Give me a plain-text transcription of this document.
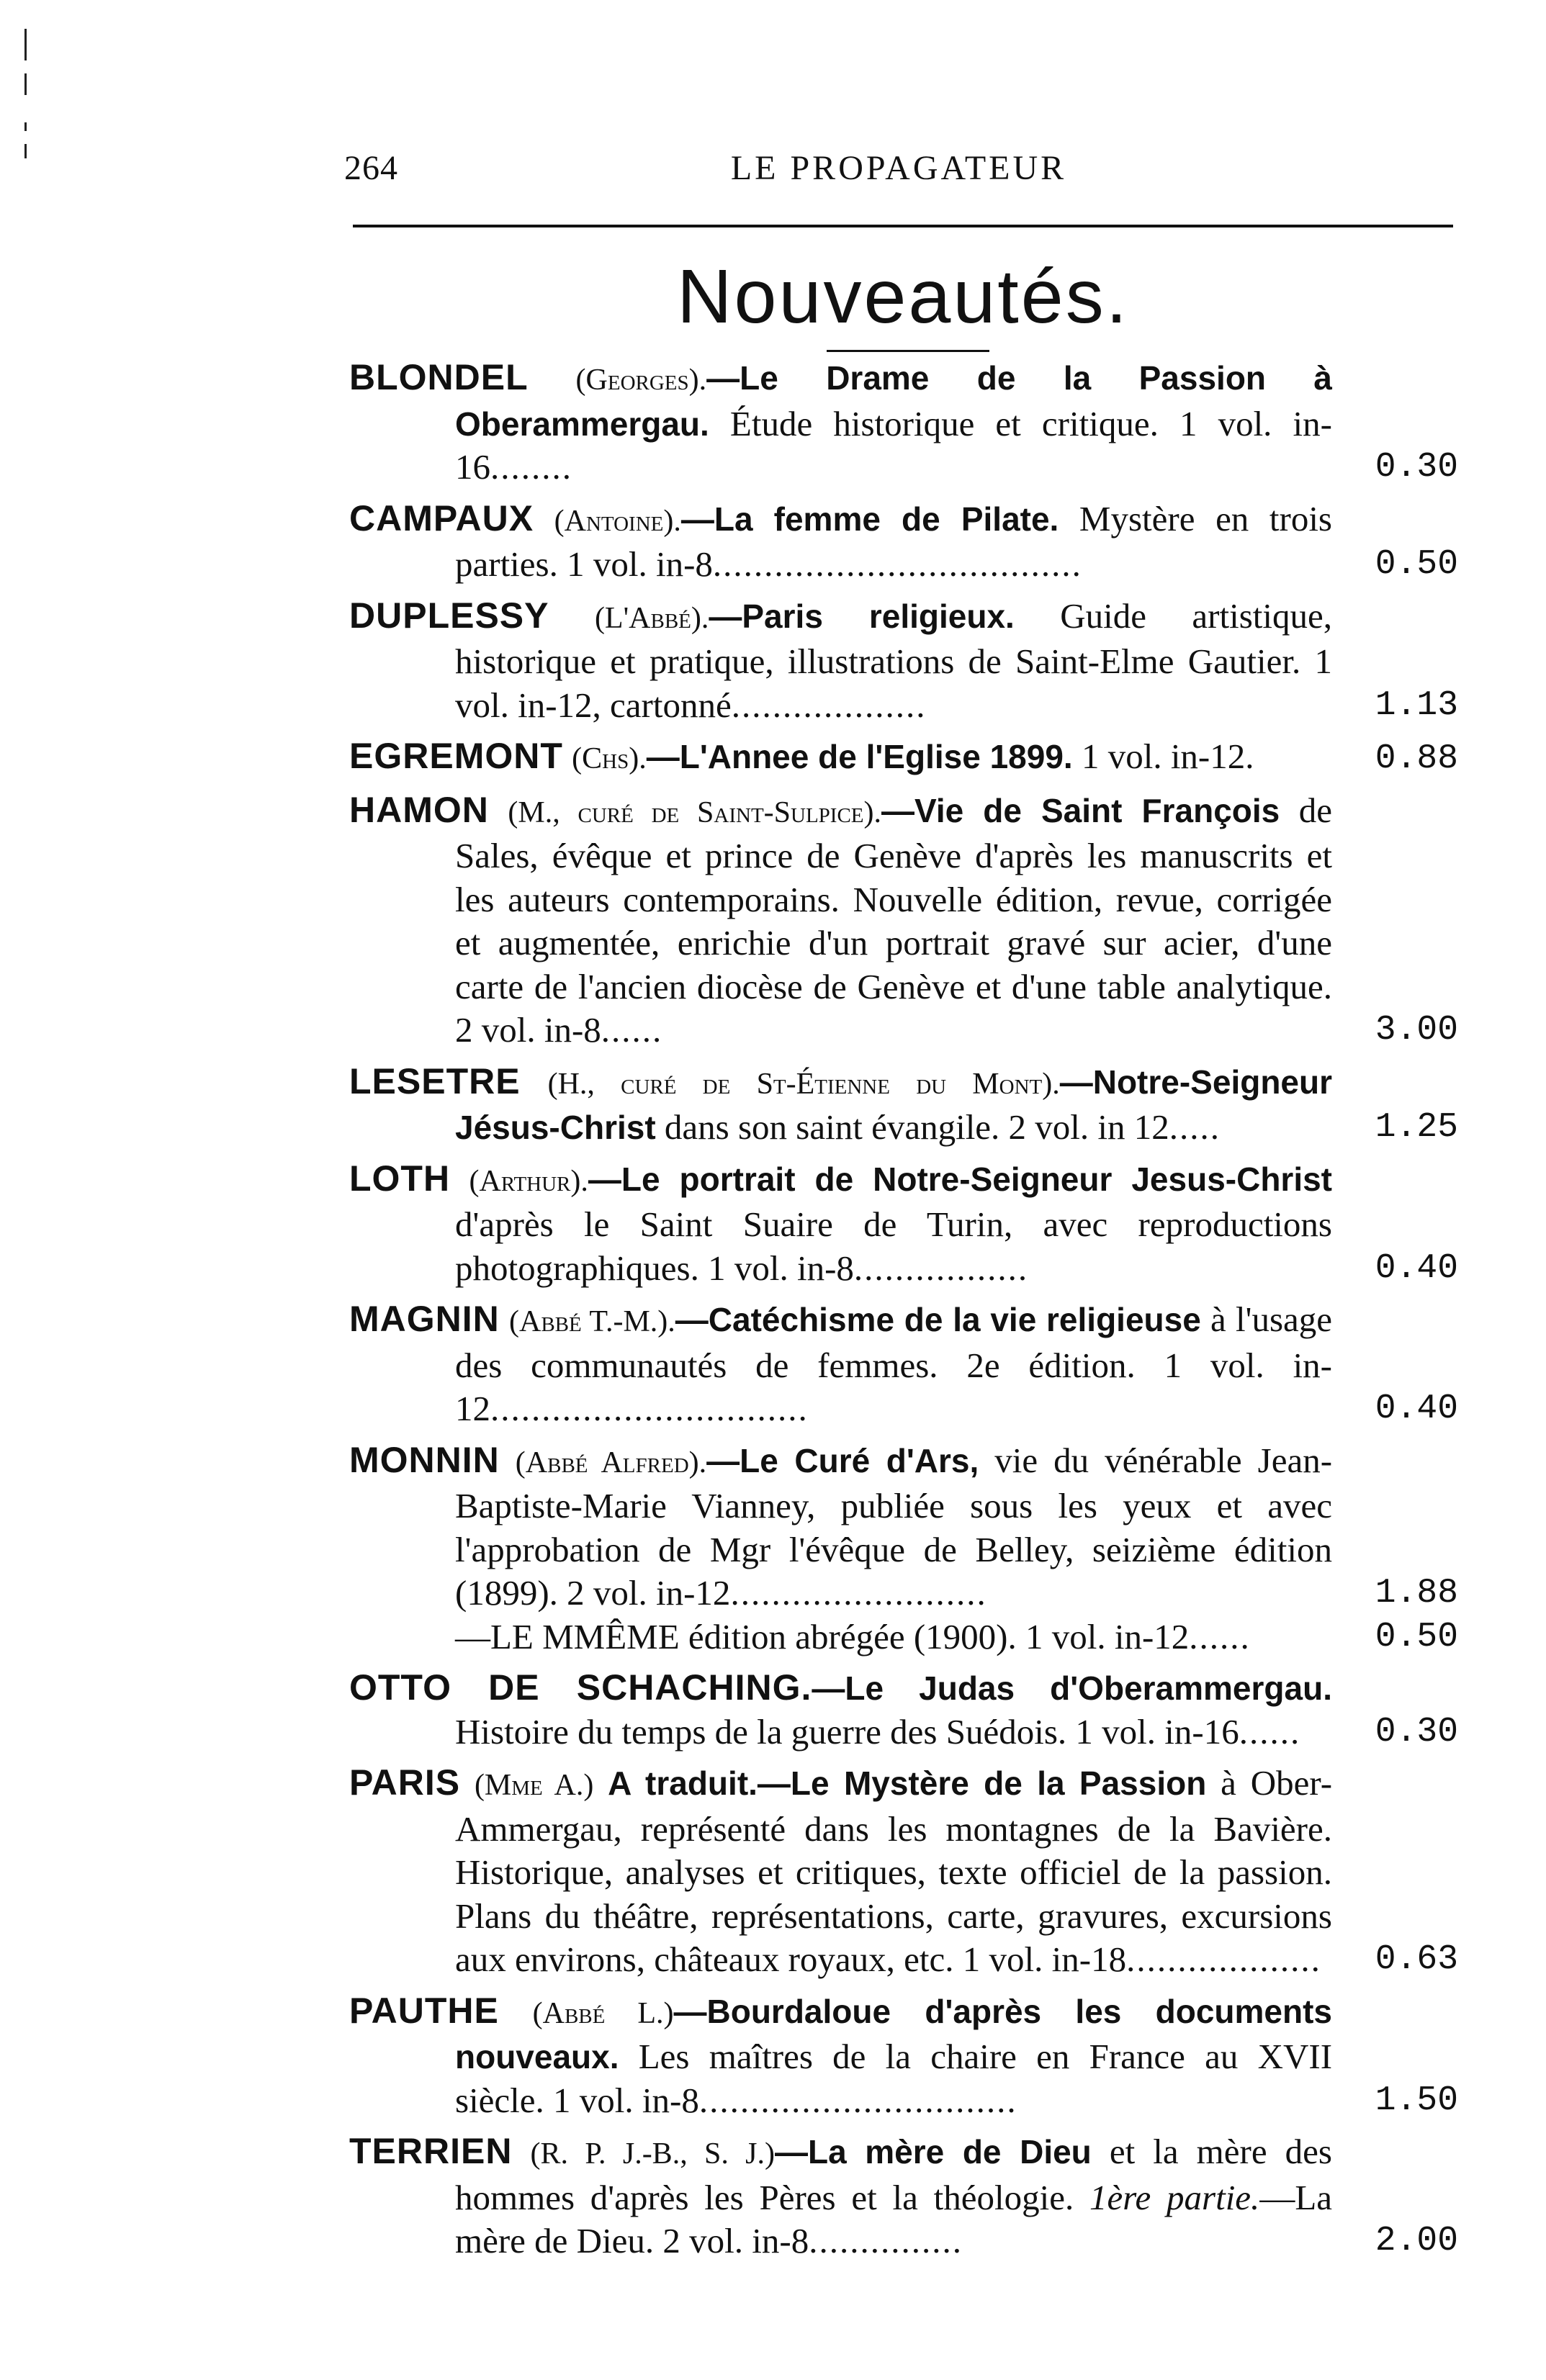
264	LE PROPAGATEUR
Nouveautés.
BLONDEL (Georges).—Le Drame de la Passion à Oberammergau. Étude historique et critique. 1 vol. in-16........	0.30
CAMPAUX (Antoine).—La femme de Pilate. Mystère en trois parties. 1 vol. in-8....................................	0.50
DUPLESSY (L'Abbé).—Paris religieux. Guide artistique, historique et pratique, illustrations de Saint-Elme Gautier. 1 vol. in-12, cartonné...................	1.13
EGREMONT (Chs).—L'Annee de l'Eglise 1899. 1 vol. in-12.	0.88
HAMON (M., curé de Saint-Sulpice).—Vie de Saint François de Sales, évêque et prince de Genève d'après les manuscrits et les auteurs contemporains. Nouvelle édition, revue, corrigée et augmentée, enrichie d'un portrait gravé sur acier, d'une carte de l'ancien diocèse de Genève et d'une table analytique. 2 vol. in-8......	3.00
LESETRE (H., curé de St-Étienne du Mont).—Notre-Seigneur Jésus-Christ dans son saint évangile. 2 vol. in 12.....	1.25
LOTH (Arthur).—Le portrait de Notre-Seigneur Jesus-Christ d'après le Saint Suaire de Turin, avec reproductions photographiques. 1 vol. in-8.................	0.40
MAGNIN (Abbé T.-M.).—Catéchisme de la vie religieuse à l'usage des communautés de femmes. 2e édition. 1 vol. in-12...............................	0.40
MONNIN (Abbé Alfred).—Le Curé d'Ars, vie du vénérable Jean-Baptiste-Marie Vianney, publiée sous les yeux et avec l'approbation de Mgr l'évêque de Belley, seizième édition (1899). 2 vol. in-12.........................	1.88
—LE MMÊME édition abrégée (1900). 1 vol. in-12......	0.50
OTTO DE SCHACHING.—Le Judas d'Oberammergau. Histoire du temps de la guerre des Suédois. 1 vol. in-16...... 0.30
PARIS (Mme A.) A traduit.—Le Mystère de la Passion à Ober-Ammergau, représenté dans les montagnes de la Bavière. Historique, analyses et critiques, texte officiel de la passion. Plans du théâtre, représentations, carte, gravures, excursions aux environs, châteaux royaux, etc. 1 vol. in-18................... 0.63
PAUTHE (Abbé L.)—Bourdaloue d'après les documents nouveaux. Les maîtres de la chaire en France au XVII siècle. 1 vol. in-8...............................	1.50
TERRIEN (R. P. J.-B., S. J.)—La mère de Dieu et la mère des hommes d'après les Pères et la théologie. 1ère partie.—La mère de Dieu. 2 vol. in-8...............	2.00
